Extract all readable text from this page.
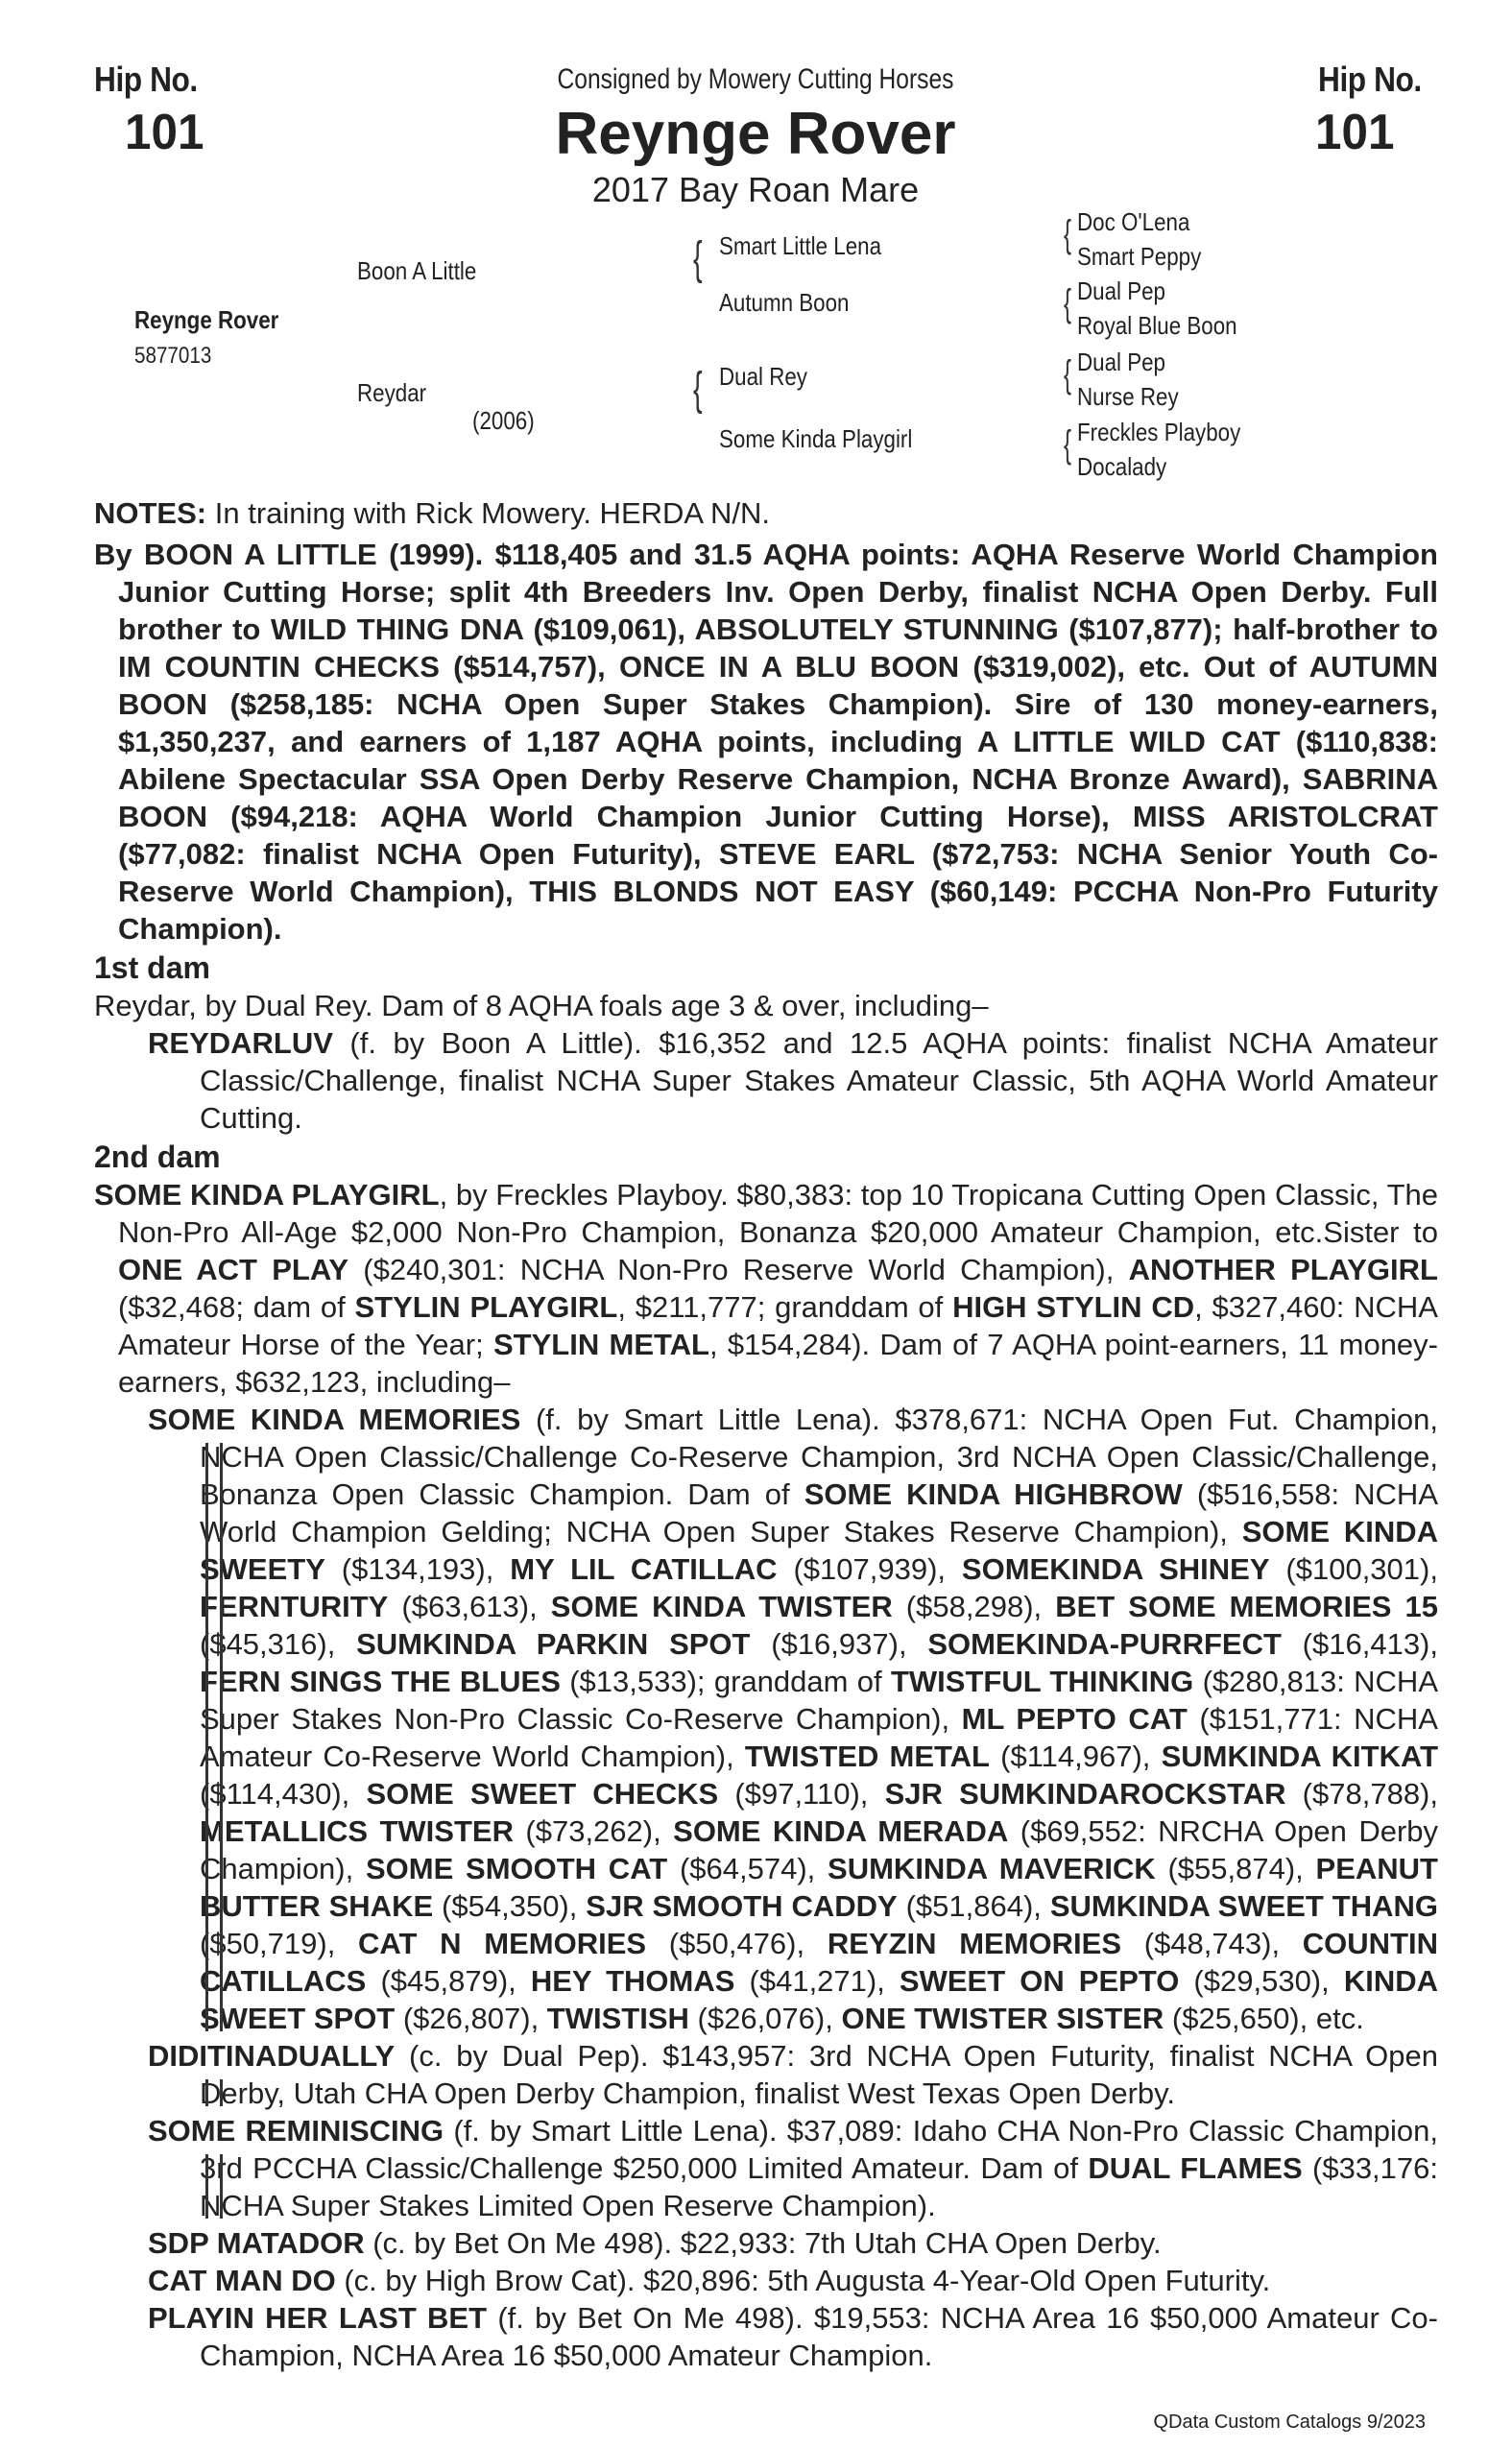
Hip No.
101
Hip No.
101
Consigned by Mowery Cutting Horses
Reynge Rover
2017 Bay Roan Mare
Reynge Rover
5877013
Boon A Little
Reydar
(2006)
{ Smart Little Lena
Autumn Boon
{ Dual Rey
Some Kinda Playgirl
{ Doc O'Lena
Smart Peppy
{ Dual Pep
Royal Blue Boon
{ Dual Pep
Nurse Rey
{ Freckles Playboy
Docalady

NOTES: In training with Rick Mowery. HERDA N/N.

By BOON A LITTLE (1999). $118,405 and 31.5 AQHA points: AQHA Reserve World Champion Junior Cutting Horse; split 4th Breeders Inv. Open Derby, finalist NCHA Open Derby. Full brother to WILD THING DNA ($109,061), ABSOLUTELY STUNNING ($107,877); half-brother to IM COUNTIN CHECKS ($514,757), ONCE IN A BLU BOON ($319,002), etc. Out of AUTUMN BOON ($258,185: NCHA Open Super Stakes Champion). Sire of 130 money-earners, $1,350,237, and earners of 1,187 AQHA points, including A LITTLE WILD CAT ($110,838: Abilene Spectacular SSA Open Derby Reserve Champion, NCHA Bronze Award), SABRINA BOON ($94,218: AQHA World Champion Junior Cutting Horse), MISS ARISTOLCRAT ($77,082: finalist NCHA Open Futurity), STEVE EARL ($72,753: NCHA Senior Youth Co-Reserve World Champion), THIS BLONDS NOT EASY ($60,149: PCCHA Non-Pro Futurity Champion).

1st dam

Reydar, by Dual Rey. Dam of 8 AQHA foals age 3 & over, including–

REYDARLUV (f. by Boon A Little). $16,352 and 12.5 AQHA points: finalist NCHA Amateur Classic/Challenge, finalist NCHA Super Stakes Amateur Classic, 5th AQHA World Amateur Cutting.

2nd dam

SOME KINDA PLAYGIRL, by Freckles Playboy. $80,383: top 10 Tropicana Cutting Open Classic, The Non-Pro All-Age $2,000 Non-Pro Champion, Bonanza $20,000 Amateur Champion, etc.Sister to ONE ACT PLAY ($240,301: NCHA Non-Pro Reserve World Champion), ANOTHER PLAYGIRL ($32,468; dam of STYLIN PLAYGIRL, $211,777; granddam of HIGH STYLIN CD, $327,460: NCHA Amateur Horse of the Year; STYLIN METAL, $154,284). Dam of 7 AQHA point-earners, 11 money-earners, $632,123, including–

SOME KINDA MEMORIES (f. by Smart Little Lena). $378,671: NCHA Open Fut. Champion, NCHA Open Classic/Challenge Co-Reserve Champion, 3rd NCHA Open Classic/Challenge, Bonanza Open Classic Champion. Dam of SOME KINDA HIGHBROW ($516,558: NCHA World Champion Gelding; NCHA Open Super Stakes Reserve Champion), SOME KINDA SWEETY ($134,193), MY LIL CATILLAC ($107,939), SOMEKINDA SHINEY ($100,301), FERNTURITY ($63,613), SOME KINDA TWISTER ($58,298), BET SOME MEMORIES 15 ($45,316), SUMKINDA PARKIN SPOT ($16,937), SOMEKINDA-PURRFECT ($16,413), FERN SINGS THE BLUES ($13,533); granddam of TWISTFUL THINKING ($280,813: NCHA Super Stakes Non-Pro Classic Co-Reserve Champion), ML PEPTO CAT ($151,771: NCHA Amateur Co-Reserve World Champion), TWISTED METAL ($114,967), SUMKINDA KITKAT ($114,430), SOME SWEET CHECKS ($97,110), SJR SUMKINDAROCKSTAR ($78,788), METALLICS TWISTER ($73,262), SOME KINDA MERADA ($69,552: NRCHA Open Derby Champion), SOME SMOOTH CAT ($64,574), SUMKINDA MAVERICK ($55,874), PEANUT BUTTER SHAKE ($54,350), SJR SMOOTH CADDY ($51,864), SUMKINDA SWEET THANG ($50,719), CAT N MEMORIES ($50,476), REYZIN MEMORIES ($48,743), COUNTIN CATILLACS ($45,879), HEY THOMAS ($41,271), SWEET ON PEPTO ($29,530), KINDA SWEET SPOT ($26,807), TWISTISH ($26,076), ONE TWISTER SISTER ($25,650), etc.

DIDITINADUALLY (c. by Dual Pep). $143,957: 3rd NCHA Open Futurity, finalist NCHA Open Derby, Utah CHA Open Derby Champion, finalist West Texas Open Derby.

SOME REMINISCING (f. by Smart Little Lena). $37,089: Idaho CHA Non-Pro Classic Champion, 3rd PCCHA Classic/Challenge $250,000 Limited Amateur. Dam of DUAL FLAMES ($33,176: NCHA Super Stakes Limited Open Reserve Champion).

SDP MATADOR (c. by Bet On Me 498). $22,933: 7th Utah CHA Open Derby.

CAT MAN DO (c. by High Brow Cat). $20,896: 5th Augusta 4-Year-Old Open Futurity.

PLAYIN HER LAST BET (f. by Bet On Me 498). $19,553: NCHA Area 16 $50,000 Amateur Co-Champion, NCHA Area 16 $50,000 Amateur Champion.

QData Custom Catalogs 9/2023
